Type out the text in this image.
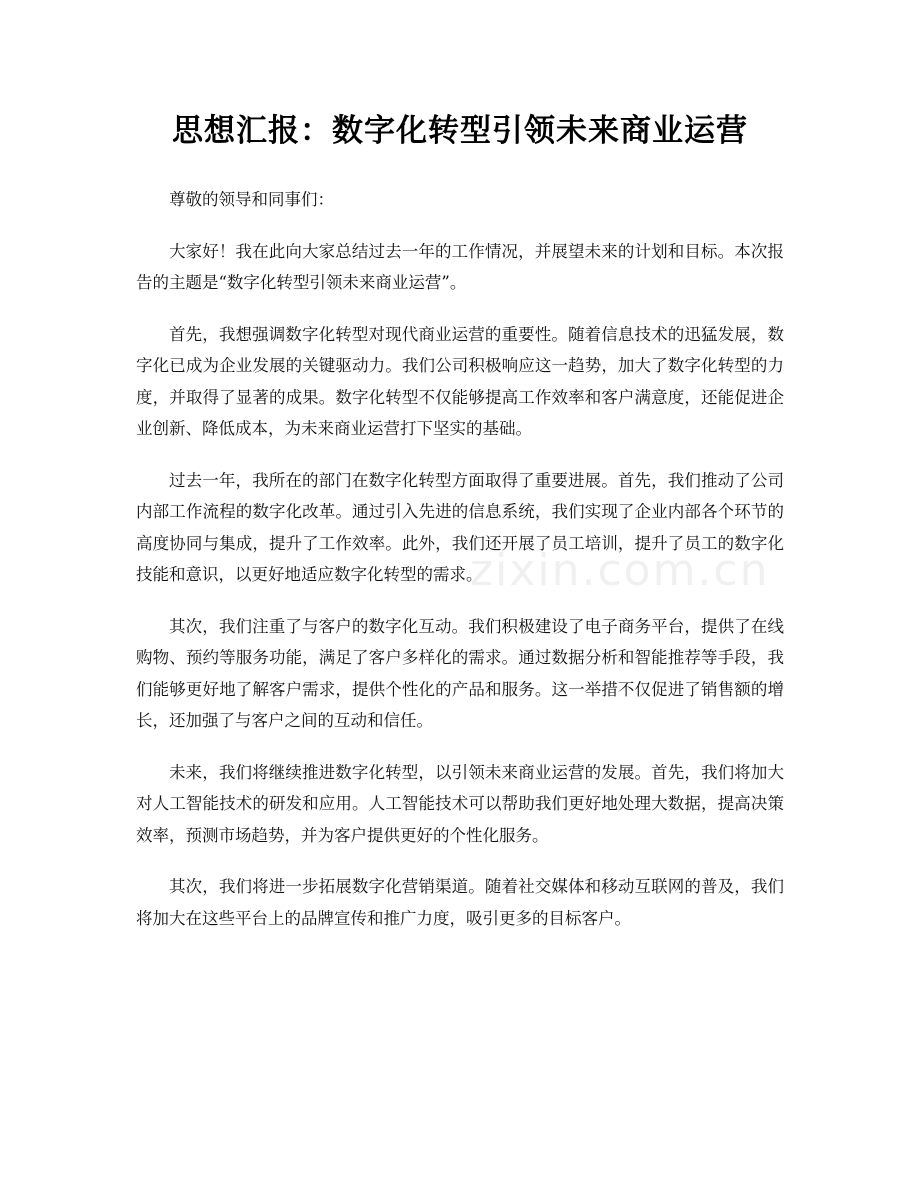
思想汇报：数字化转型引领未来商业运营

尊敬的领导和同事们：

大家好！我在此向大家总结过去一年的工作情况，并展望未来的计划和目标。本次报告的主题是“数字化转型引领未来商业运营”。

首先，我想强调数字化转型对现代商业运营的重要性。随着信息技术的迅猛发展，数字化已成为企业发展的关键驱动力。我们公司积极响应这一趋势，加大了数字化转型的力度，并取得了显著的成果。数字化转型不仅能够提高工作效率和客户满意度，还能促进企业创新、降低成本，为未来商业运营打下坚实的基础。

过去一年，我所在的部门在数字化转型方面取得了重要进展。首先，我们推动了公司内部工作流程的数字化改革。通过引入先进的信息系统，我们实现了企业内部各个环节的高度协同与集成，提升了工作效率。此外，我们还开展了员工培训，提升了员工的数字化技能和意识，以更好地适应数字化转型的需求。

其次，我们注重了与客户的数字化互动。我们积极建设了电子商务平台，提供了在线购物、预约等服务功能，满足了客户多样化的需求。通过数据分析和智能推荐等手段，我们能够更好地了解客户需求，提供个性化的产品和服务。这一举措不仅促进了销售额的增长，还加强了与客户之间的互动和信任。

未来，我们将继续推进数字化转型，以引领未来商业运营的发展。首先，我们将加大对人工智能技术的研发和应用。人工智能技术可以帮助我们更好地处理大数据，提高决策效率，预测市场趋势，并为客户提供更好的个性化服务。

其次，我们将进一步拓展数字化营销渠道。随着社交媒体和移动互联网的普及，我们将加大在这些平台上的品牌宣传和推广力度，吸引更多的目标客户。

zixin.com.cn
